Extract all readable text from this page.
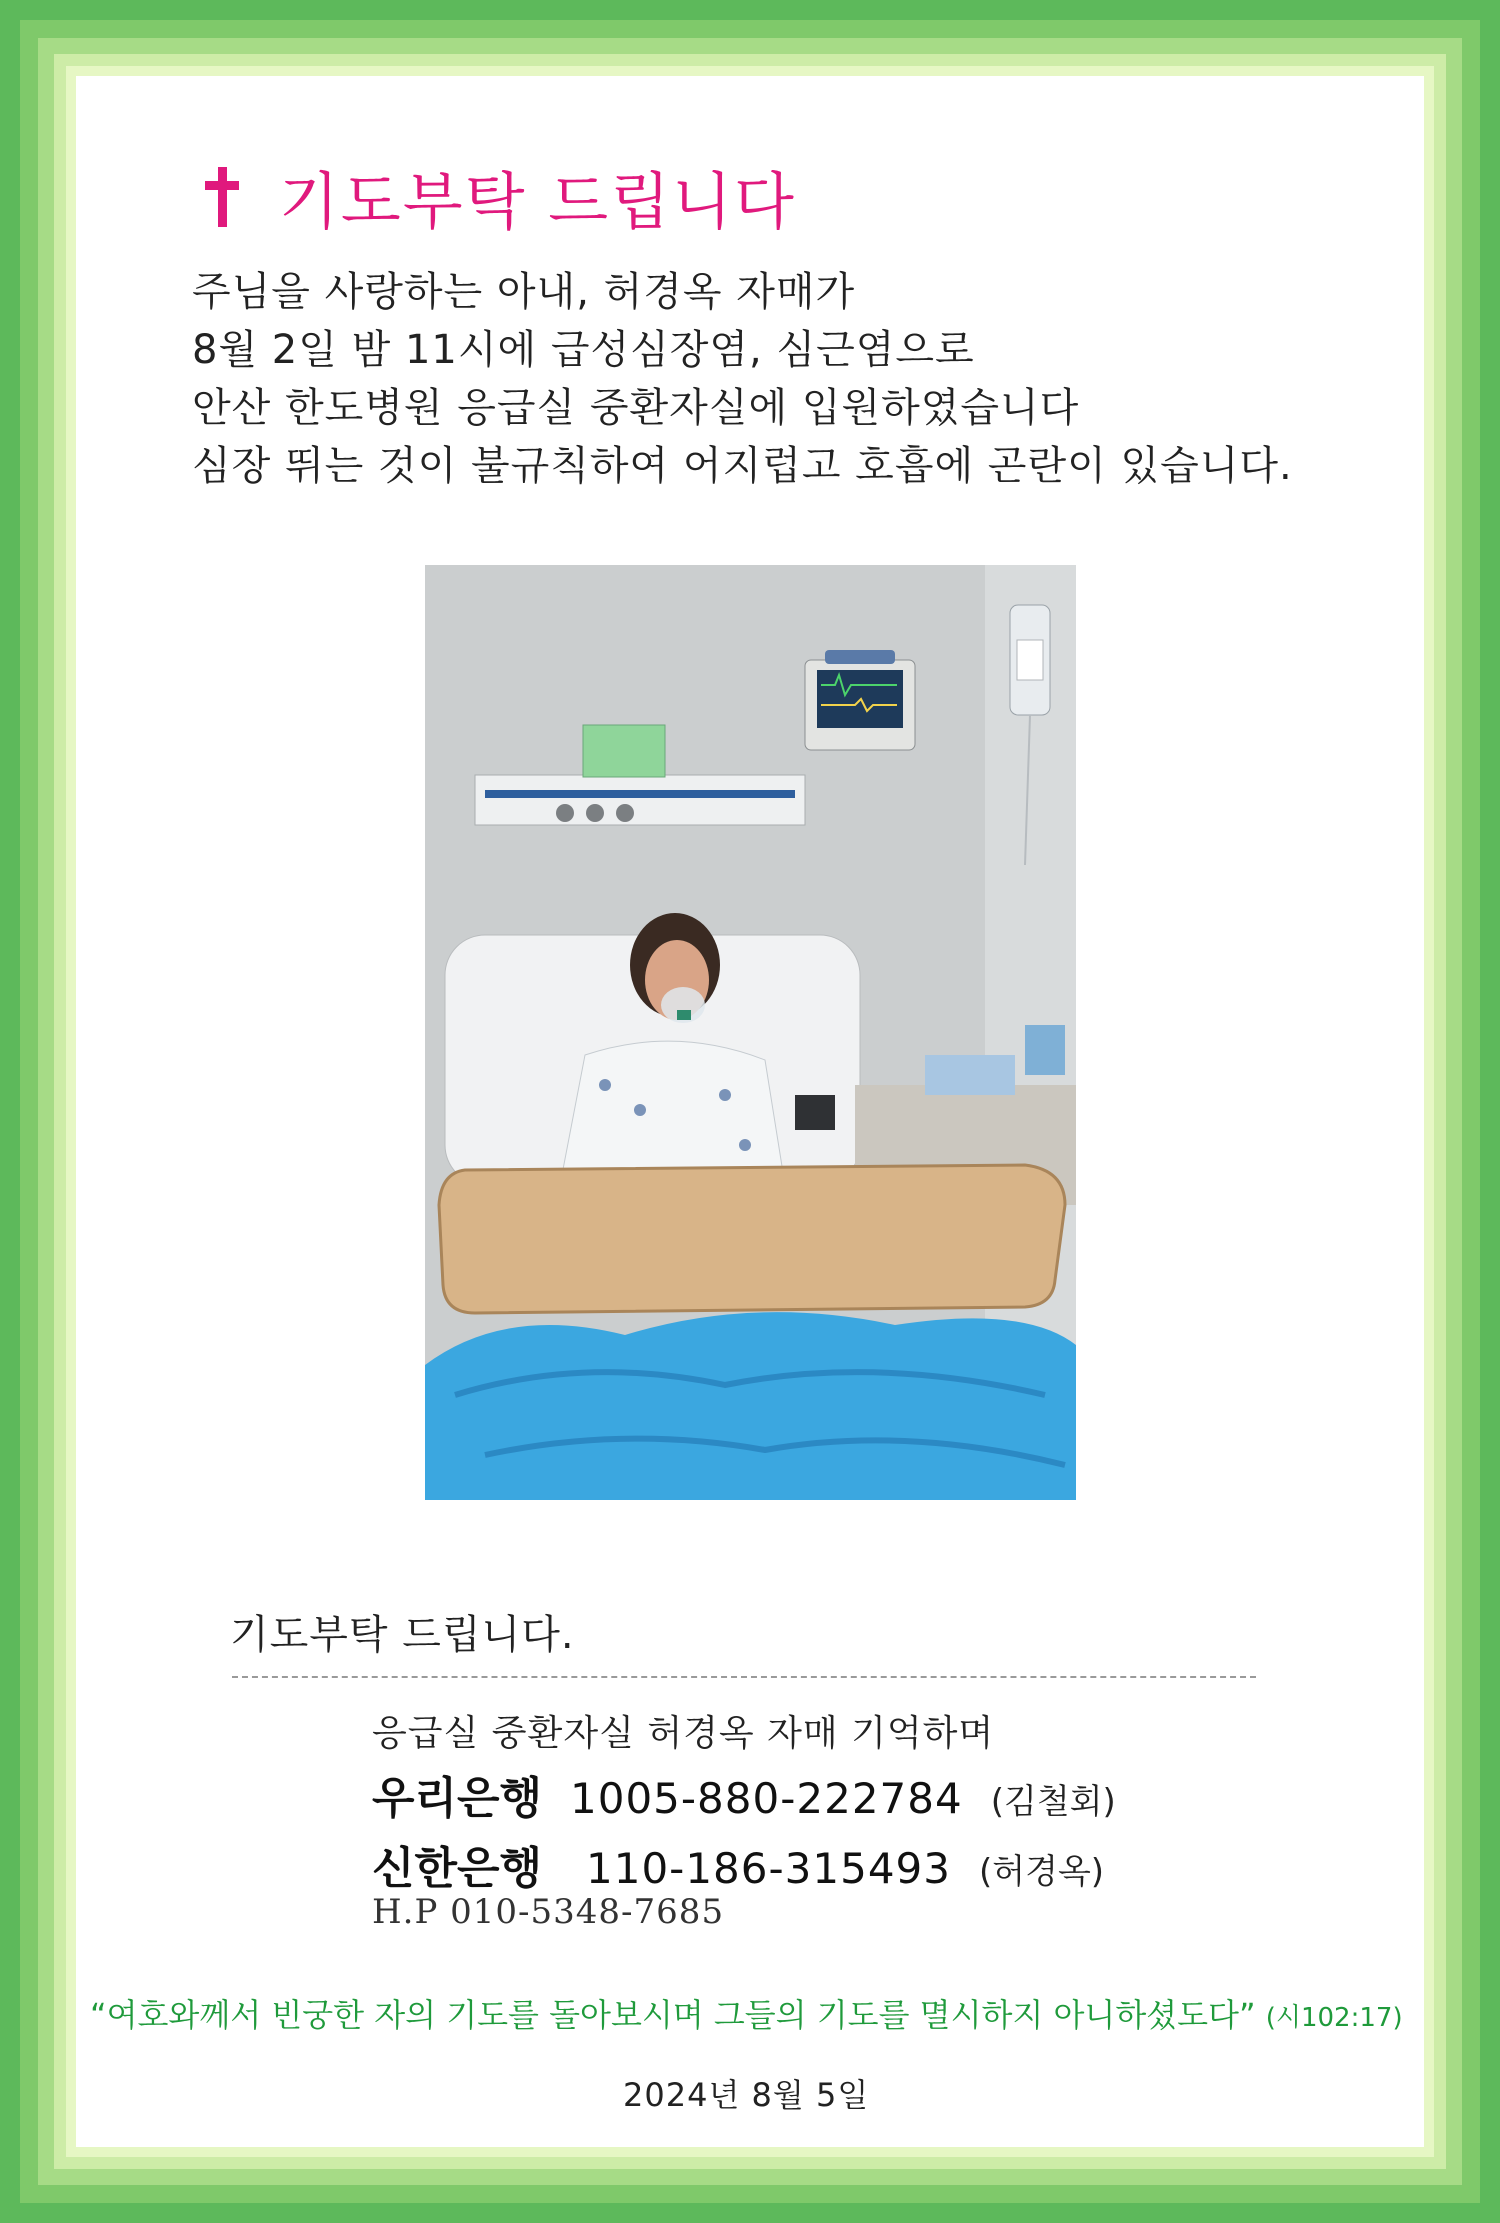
기도부탁 드립니다
주님을 사랑하는 아내, 허경옥 자매가
8월 2일 밤 11시에 급성심장염, 심근염으로
안산 한도병원 응급실 중환자실에 입원하였습니다
심장 뛰는 것이 불규칙하여 어지럽고 호흡에 곤란이 있습니다.
기도부탁 드립니다.
응급실 중환자실 허경옥 자매 기억하며
우리은행 1005-880-222784 (김철회)
신한은행 110-186-315493 (허경옥)
H.P 010-5348-7685
“여호와께서 빈궁한 자의 기도를 돌아보시며 그들의 기도를 멸시하지 아니하셨도다” (시102:17)
2024년 8월 5일
